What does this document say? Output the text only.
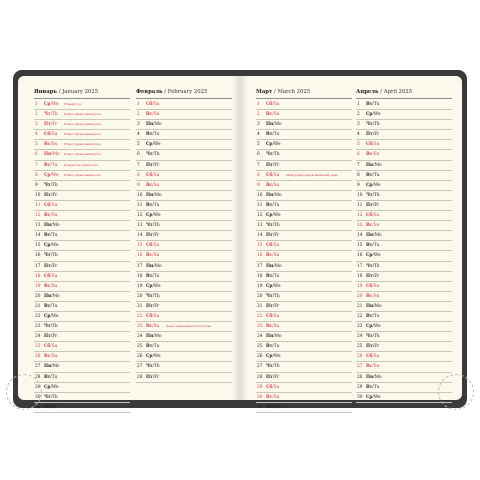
Январь / January 2025
1	Ср/We Новый год
2	Чт/Th Новогодние каникулы
3	Пт/Fr Новогодние каникулы
4	Сб/Sa Новогодние каникулы
5	Вс/Su Новогодние каникулы
6	Пн/Mo Новогодние каникулы
7	Вт/Tu Рождество Христово
8	Ср/We Новогодние каникулы
9	Чт/Th
10 Пт/Fr
11 Сб/Sa
12 Вс/Su
13 Пн/Mo
14 Вт/Tu
15 Ср/We
16 Чт/Th
17 Пт/Fr
18 Сб/Sa
19 Вс/Su
20 Пн/Mo
21 Вт/Tu
22 Ср/We
23 Чт/Th
24 Пт/Fr
25 Сб/Sa
26 Вс/Su
27 Пн/Mo
28 Вт/Tu
29 Ср/We
30 Чт/Th
31 Пт/Fr
Февраль / February 2025
1	Сб/Sa
2	Вс/Su
3	Пн/Mo
4	Вт/Tu
5	Ср/We
6	Чт/Th
7	Пт/Fr
8	Сб/Sa
9	Вс/Su
10 Пн/Mo
11 Вт/Tu
12 Ср/We
13 Чт/Th
14 Пт/Fr
15 Сб/Sa
16 Вс/Su
17 Пн/Mo
18 Вт/Tu
19 Ср/We
20 Чт/Th
21 Пт/Fr
22 Сб/Sa
23 Вс/Su День защитника Отечества
24 Пн/Mo
25 Вт/Tu
26 Ср/We
27 Чт/Th
28 Пт/Fr
Март / March 2025
1	Сб/Sa
2	Вс/Su
3	Пн/Mo
4	Вт/Tu
5	Ср/We
6	Чт/Th
7	Пт/Fr
8	Сб/Sa Международный женский день
9	Вс/Su
10 Пн/Mo
11 Вт/Tu
12 Ср/We
13 Чт/Th
14 Пт/Fr
15 Сб/Sa
16 Вс/Su
17 Пн/Mo
18 Вт/Tu
19 Ср/We
20 Чт/Th
21 Пт/Fr
22 Сб/Sa
23 Вс/Su
24 Пн/Mo
25 Вт/Tu
26 Ср/We
27 Чт/Th
28 Пт/Fr
29 Сб/Sa
30 Вс/Su
31 Пн/Mo
Апрель / April 2025
1	Вт/Tu
2	Ср/We
3	Чт/Th
4	Пт/Fr
5	Сб/Sa
6	Вс/Su
7	Пн/Mo
8	Вт/Tu
9	Ср/We
10 Чт/Th
11 Пт/Fr
12 Сб/Sa
13 Вс/Su
14 Пн/Mo
15 Вт/Tu
16 Ср/We
17 Чт/Th
18 Пт/Fr
19 Сб/Sa
20 Вс/Su
21 Пн/Mo
22 Вт/Tu
23 Ср/We
24 Чт/Th
25 Пт/Fr
26 Сб/Sa
27 Вс/Su
28 Пн/Mo
29 Вт/Tu
30 Ср/We
